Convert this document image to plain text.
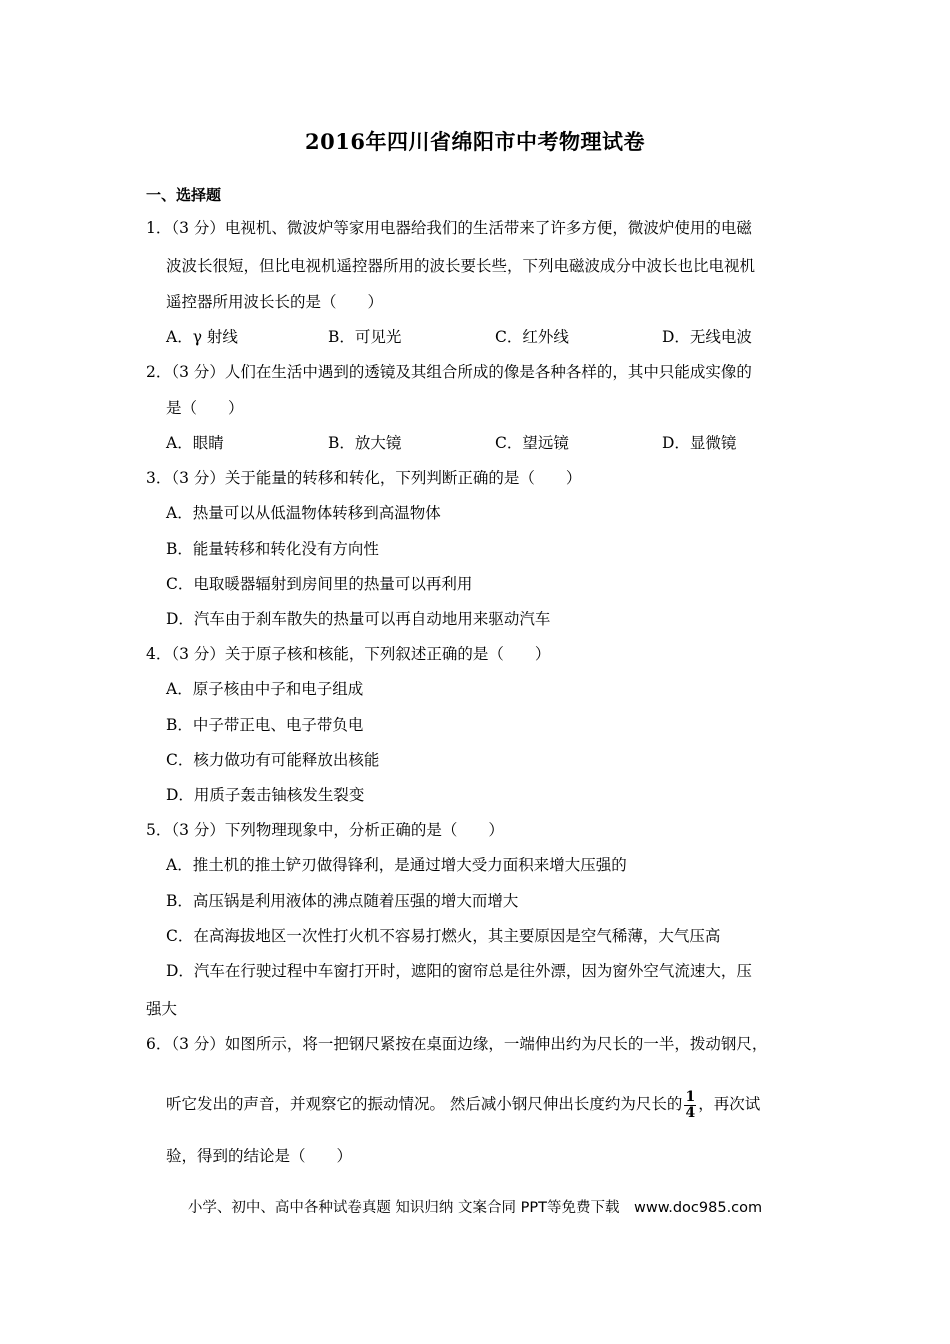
2016年四川省绵阳市中考物理试卷
一、选择题
1．（3 分）电视机、微波炉等家用电器给我们的生活带来了许多方便，微波炉使用的电磁
波波长很短，但比电视机遥控器所用的波长要长些，下列电磁波成分中波长也比电视机
遥控器所用波长长的是（　　）
A．γ 射线	B．可见光	C．红外线	D．无线电波
2．（3 分）人们在生活中遇到的透镜及其组合所成的像是各种各样的，其中只能成实像的
是（　　）
A．眼睛	B．放大镜	C．望远镜	D．显微镜
3．（3 分）关于能量的转移和转化，下列判断正确的是（　　）
A．热量可以从低温物体转移到高温物体
B．能量转移和转化没有方向性
C．电取暖器辐射到房间里的热量可以再利用
D．汽车由于刹车散失的热量可以再自动地用来驱动汽车
4．（3 分）关于原子核和核能，下列叙述正确的是（　　）
A．原子核由中子和电子组成
B．中子带正电、电子带负电
C．核力做功有可能释放出核能
D．用质子轰击铀核发生裂变
5．（3 分）下列物理现象中，分析正确的是（　　）
A．推土机的推土铲刃做得锋利，是通过增大受力面积来增大压强的
B．高压锅是利用液体的沸点随着压强的增大而增大
C．在高海拔地区一次性打火机不容易打燃火，其主要原因是空气稀薄，大气压高
D．汽车在行驶过程中车窗打开时，遮阳的窗帘总是往外漂，因为窗外空气流速大，压
强大
6．（3 分）如图所示，将一把钢尺紧按在桌面边缘，一端伸出约为尺长的一半，拨动钢尺，
听它发出的声音，并观察它的振动情况。 然后减小钢尺伸出长度约为尺长的 $\frac{1}{4}$ ，再次试
验，得到的结论是（　　）
小学、初中、高中各种试卷真题 知识归纳 文案合同 PPT等免费下载　www.doc985.com
